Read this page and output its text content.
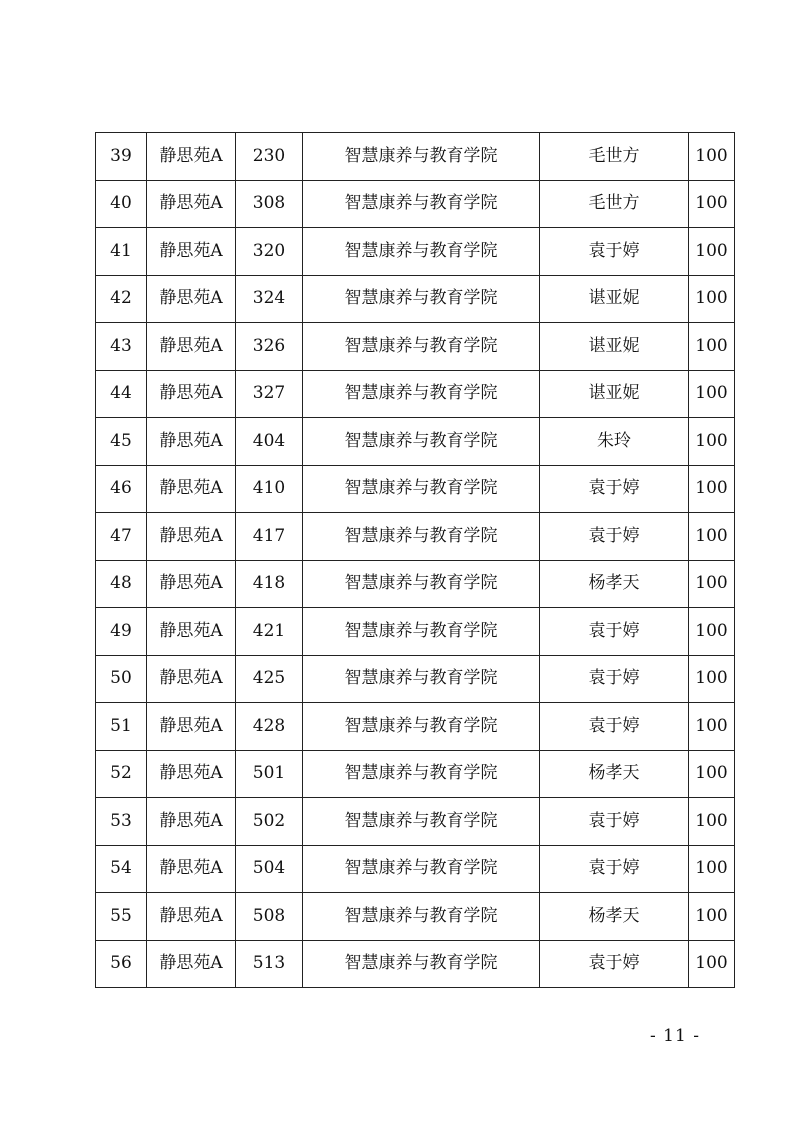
39	静思苑A	230	智慧康养与教育学院	毛世方	100
40	静思苑A	308	智慧康养与教育学院	毛世方	100
41	静思苑A	320	智慧康养与教育学院	袁于婷	100
42	静思苑A	324	智慧康养与教育学院	谌亚妮	100
43	静思苑A	326	智慧康养与教育学院	谌亚妮	100
44	静思苑A	327	智慧康养与教育学院	谌亚妮	100
45	静思苑A	404	智慧康养与教育学院	朱玲	100
46	静思苑A	410	智慧康养与教育学院	袁于婷	100
47	静思苑A	417	智慧康养与教育学院	袁于婷	100
48	静思苑A	418	智慧康养与教育学院	杨孝天	100
49	静思苑A	421	智慧康养与教育学院	袁于婷	100
50	静思苑A	425	智慧康养与教育学院	袁于婷	100
51	静思苑A	428	智慧康养与教育学院	袁于婷	100
52	静思苑A	501	智慧康养与教育学院	杨孝天	100
53	静思苑A	502	智慧康养与教育学院	袁于婷	100
54	静思苑A	504	智慧康养与教育学院	袁于婷	100
55	静思苑A	508	智慧康养与教育学院	杨孝天	100
56	静思苑A	513	智慧康养与教育学院	袁于婷	100
- 11 -
